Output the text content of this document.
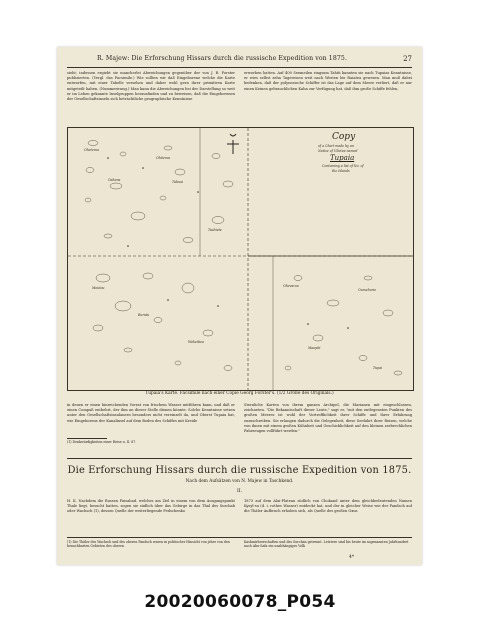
R. Majew: Die Erforschung Hissars durch die russische Expedition von 1875.	27

sieht; indessen ergiebt sie mancherlei Abweichungen gegenüber der von J. R. Forster publizierten. (Vergl. das Facsimile.) Wie sollten wir daß Eingeborene welche die Karte entworfen, mit einer Tabelle versehen und daher wohl gern ihrer primitiven Karte mitgeteilt haben. (Nummerirung.) Man kann die Abweichungen bei der Darstellung so weit er im Leben gekannte Inselgruppen herausfinden und zu beweisen, daß die Eingeborenen der Gesellschaftsinseln sich beträchtliche geographische Kenntnisse

erworben hatten. Auf 400 Seemeilen ringsum Tahiti kannten sie nach Tupaias Kenntnisse, er wies selbst zehn Tagereisen weit nach Westen bis Raiatea gewesen. Man muß dabei bedenken, daß der polynesische Schiffer ist das Lage auf dem Meere verliert, daß er nur einen Keinen gebrauchlichen Kahn zur Verfügung hat, daß ihm große Schiffe fehlen,

Oheteroa
Oahena
Ohiteroa
Tubuai
Taahiete
Moutou
Rurutu
Waheitiea
Ohevaroa
Oumehurie
Maopiti
Tupai
Copy
of a Chart made by an
Native of Ulietea named
Tupaia
Containing a list of No. of
the Islands
Tupaia's Karte. Facsimile nach einer Copie Georg Forster's. (1/2 Größe des Originals.)

in denen er einen hinreichenden Vorrat von frischem Wasser mitführen kann, und daß er einen Compaß entbehrt, der ihm an dieser Stelle dienen könnte. Solche Kenntnisse setzen unter den Gesellschaftsinsulanern besonders nicht vereinzelt da, und Oberst Tupaia hat, wie Eingeborene der Kanalinsel auf dem Boden des Schiffes mit Kreide

Sternliche Karten von ihrem ganzen Archipel, die Marianen mit eingeschlossen, zeichneten. "Die Bekanntschaft dieser Leute," sagt er, "mit den entlegensten Punkten des großen Meeres ist wohl der Vortrefflichkeit ihrer Schiffe und ihrer Erfahrung zuzuschreiben. Sie erlangen dadurch die Gelegenheit, diese Seefahrt ihrer Reisen, welche von ihnen mit einem großen Kühnheit und Geschicklichkeit auf den kleinen zerbrechlichen Fahrzeugen vollführt werden."

(1) Denkwürdigkeiten einer Reise u. II. 87.
Die Erforschung Hissars durch die russische Expedition von 1875.
Nach dem Aufsätzen von N. Majew in Taschkend.
II.

H. K. Nachdem die Russen Faisabad, welches am Ziel in einem von dem Ausgangspunkt Thale liegt, besucht hatten, zogen sie südlich über das Gebirge in das Thal des Surchab oder Wachsch (1), dessen Quelle der weiterliegende Fedschenko

1873 auf dem Alai-Plateau südlich von Chokand unter dem gleichbedeutenden Namen Kysyl-su (d. i. rothes Wasser) entdeckt hat, und der in gleicher Weise wie der Pandsch auf die Thäler Aufbruch erhoben sich, als Quelle des großen Oxus

(1) Die Thäler des Wachsch und des oberen Pandsch waren in politischer Hinsicht von jeher von den benachbarten Gebieten des oberen
Kashmirherrschaften und des Surchan getrennt. Letztere sind bis heute im sogenannten Jahrhundert nach Abu-Safa ein unabhängiges Volk
4*
20020060078_P054
